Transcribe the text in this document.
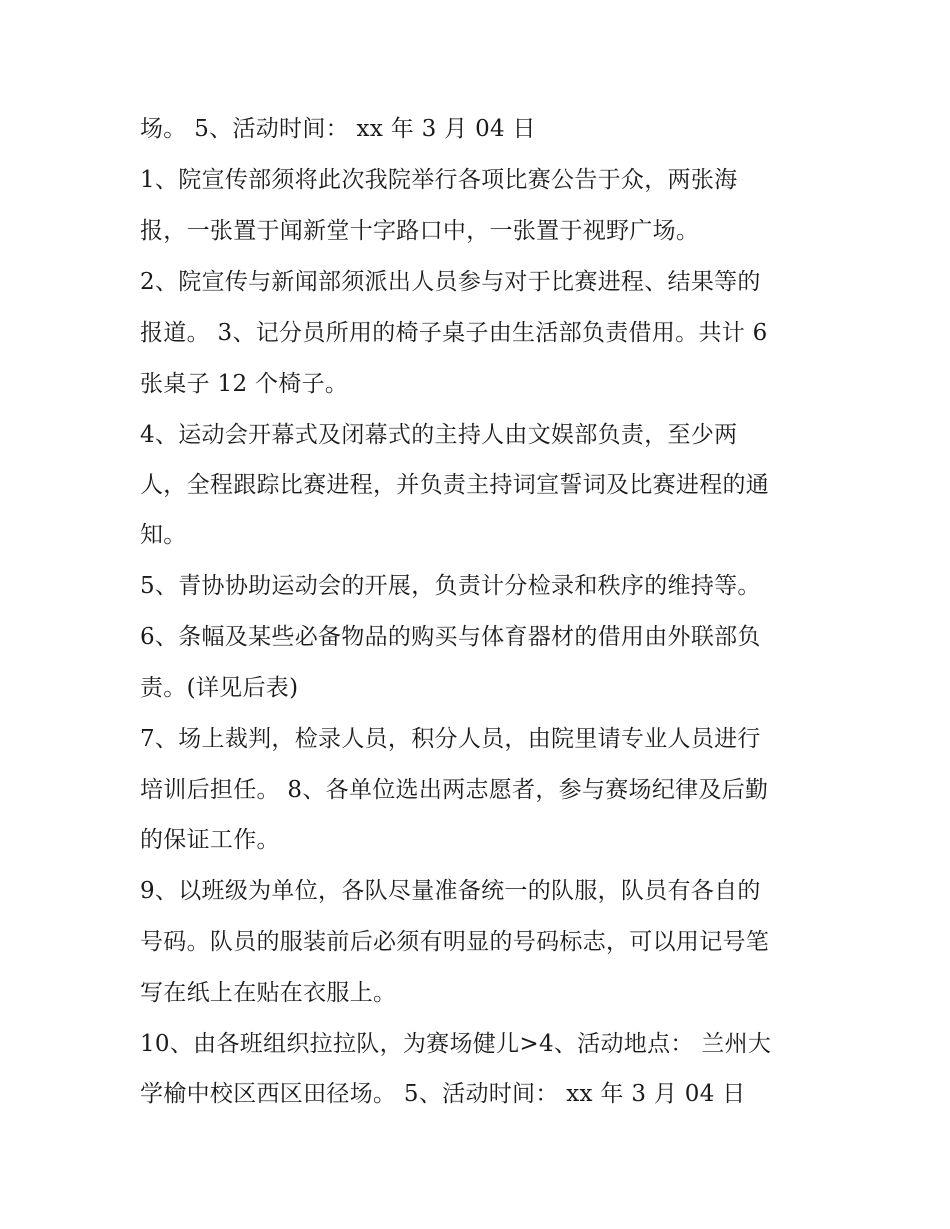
场。 5、活动时间： xx 年 3 月 04 日

1、院宣传部须将此次我院举行各项比赛公告于众，两张海

报，一张置于闻新堂十字路口中，一张置于视野广场。

2、院宣传与新闻部须派出人员参与对于比赛进程、结果等的

报道。 3、记分员所用的椅子桌子由生活部负责借用。共计 6

张桌子 12 个椅子。

4、运动会开幕式及闭幕式的主持人由文娱部负责，至少两

人，全程跟踪比赛进程，并负责主持词宣誓词及比赛进程的通

知。

5、青协协助运动会的开展，负责计分检录和秩序的维持等。

6、条幅及某些必备物品的购买与体育器材的借用由外联部负

责。(详见后表)

7、场上裁判，检录人员，积分人员，由院里请专业人员进行

培训后担任。 8、各单位选出两志愿者，参与赛场纪律及后勤

的保证工作。

9、以班级为单位，各队尽量准备统一的队服，队员有各自的

号码。队员的服装前后必须有明显的号码标志，可以用记号笔

写在纸上在贴在衣服上。

10、由各班组织拉拉队，为赛场健儿>4、活动地点： 兰州大

学榆中校区西区田径场。 5、活动时间： xx 年 3 月 04 日
